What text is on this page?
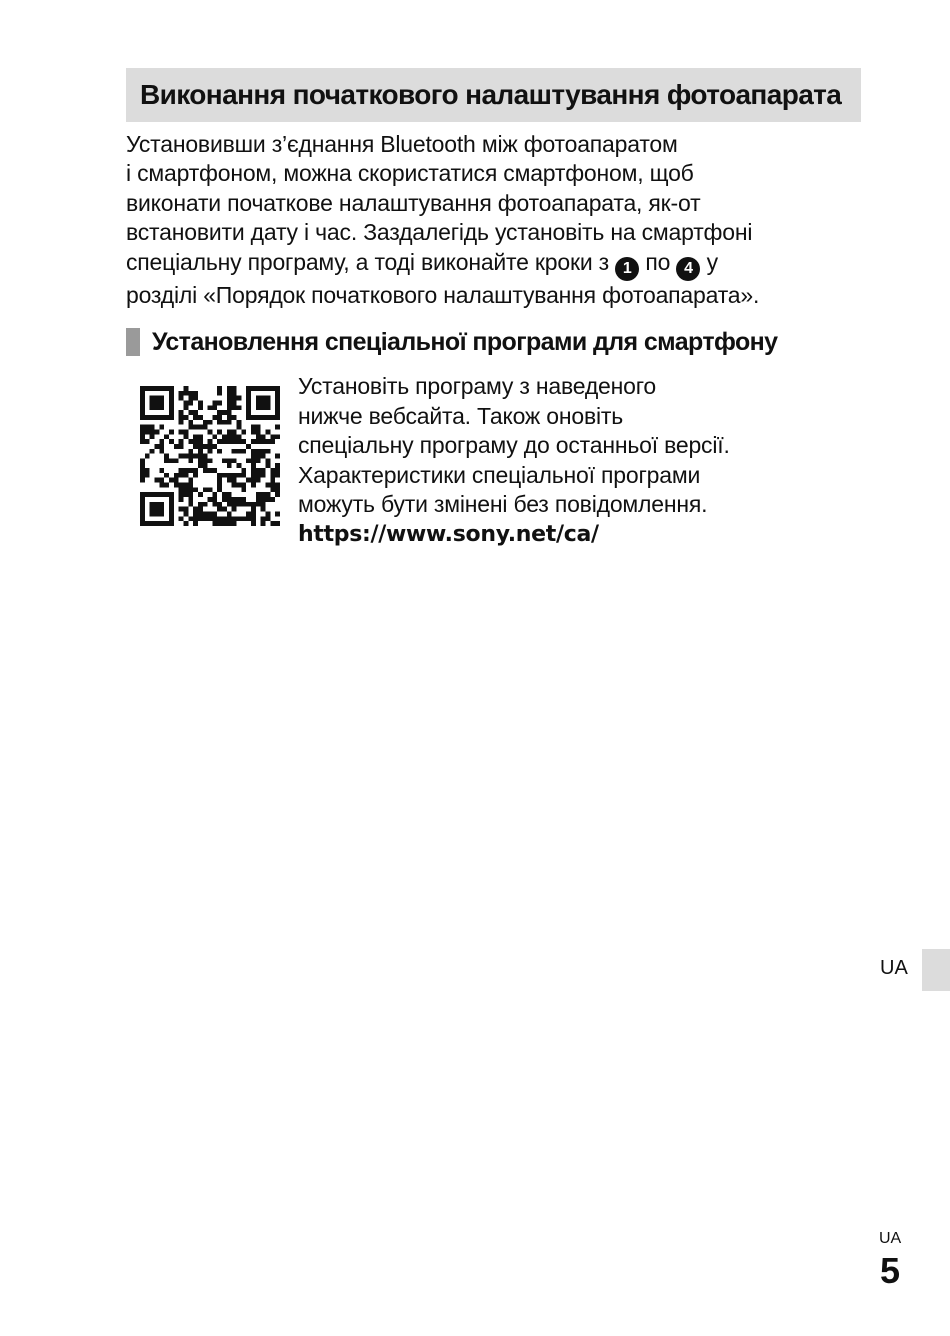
Виконання початкового налаштування фотоапарата
Установивши з’єднання Bluetooth між фотоапаратом
і смартфоном, можна скористатися смартфоном, щоб
виконати початкове налаштування фотоапарата, як-от
встановити дату і час. Заздалегідь установіть на смартфоні
спеціальну програму, а тоді виконайте кроки з 1 по 4 у
розділі «Порядок початкового налаштування фотоапарата».
Установлення спеціальної програми для смартфону
Установіть програму з наведеного
нижче вебсайта. Також оновіть
спеціальну програму до останньої версії.
Характеристики спеціальної програми
можуть бути змінені без повідомлення.
https://www.sony.net/ca/
UA
UA
5
